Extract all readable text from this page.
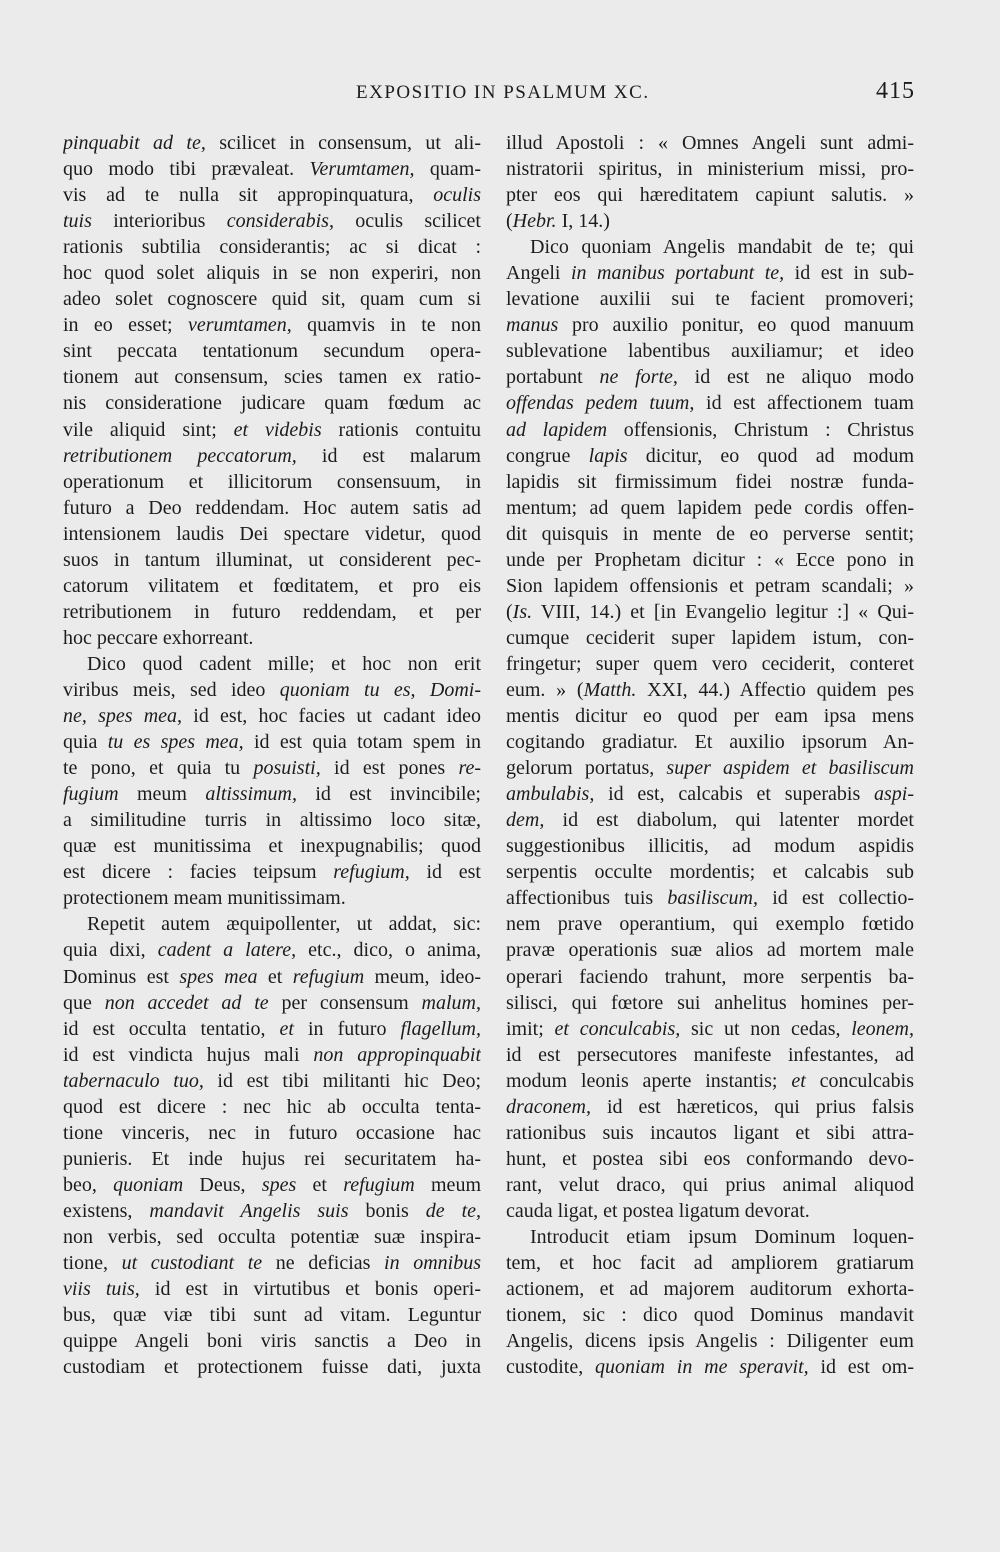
EXPOSITIO IN PSALMUM XC.	415
pinquabit ad te, scilicet in consensum, ut ali-
quo modo tibi prævaleat. Verumtamen, quam-
vis ad te nulla sit appropinquatura, oculis
tuis interioribus considerabis, oculis scilicet
rationis subtilia considerantis; ac si dicat :
hoc quod solet aliquis in se non experiri, non
adeo solet cognoscere quid sit, quam cum si
in eo esset; verumtamen, quamvis in te non
sint peccata tentationum secundum opera-
tionem aut consensum, scies tamen ex ratio-
nis consideratione judicare quam fœdum ac
vile aliquid sint; et videbis rationis contuitu
retributionem peccatorum, id est malarum
operationum et illicitorum consensuum, in
futuro a Deo reddendam. Hoc autem satis ad
intensionem laudis Dei spectare videtur, quod
suos in tantum illuminat, ut considerent pec-
catorum vilitatem et fœditatem, et pro eis
retributionem in futuro reddendam, et per
hoc peccare exhorreant.
Dico quod cadent mille; et hoc non erit
viribus meis, sed ideo quoniam tu es, Domi-
ne, spes mea, id est, hoc facies ut cadant ideo
quia tu es spes mea, id est quia totam spem in
te pono, et quia tu posuisti, id est pones re-
fugium meum altissimum, id est invincibile;
a similitudine turris in altissimo loco sitæ,
quæ est munitissima et inexpugnabilis; quod
est dicere : facies teipsum refugium, id est
protectionem meam munitissimam.
Repetit autem æquipollenter, ut addat, sic:
quia dixi, cadent a latere, etc., dico, o anima,
Dominus est spes mea et refugium meum, ideo-
que non accedet ad te per consensum malum,
id est occulta tentatio, et in futuro flagellum,
id est vindicta hujus mali non appropinquabit
tabernaculo tuo, id est tibi militanti hic Deo;
quod est dicere : nec hic ab occulta tenta-
tione vinceris, nec in futuro occasione hac
punieris. Et inde hujus rei securitatem ha-
beo, quoniam Deus, spes et refugium meum
existens, mandavit Angelis suis bonis de te,
non verbis, sed occulta potentiæ suæ inspira-
tione, ut custodiant te ne deficias in omnibus
viis tuis, id est in virtutibus et bonis operi-
bus, quæ viæ tibi sunt ad vitam. Leguntur
quippe Angeli boni viris sanctis a Deo in
custodiam et protectionem fuisse dati, juxta
illud Apostoli : « Omnes Angeli sunt admi-
nistratorii spiritus, in ministerium missi, pro-
pter eos qui hæreditatem capiunt salutis. »
(Hebr. I, 14.)
Dico quoniam Angelis mandabit de te; qui
Angeli in manibus portabunt te, id est in sub-
levatione auxilii sui te facient promoveri;
manus pro auxilio ponitur, eo quod manuum
sublevatione labentibus auxiliamur; et ideo
portabunt ne forte, id est ne aliquo modo
offendas pedem tuum, id est affectionem tuam
ad lapidem offensionis, Christum : Christus
congrue lapis dicitur, eo quod ad modum
lapidis sit firmissimum fidei nostræ funda-
mentum; ad quem lapidem pede cordis offen-
dit quisquis in mente de eo perverse sentit;
unde per Prophetam dicitur : « Ecce pono in
Sion lapidem offensionis et petram scandali; »
(Is. VIII, 14.) et [in Evangelio legitur :] « Qui-
cumque ceciderit super lapidem istum, con-
fringetur; super quem vero ceciderit, conteret
eum. » (Matth. XXI, 44.) Affectio quidem pes
mentis dicitur eo quod per eam ipsa mens
cogitando gradiatur. Et auxilio ipsorum An-
gelorum portatus, super aspidem et basiliscum
ambulabis, id est, calcabis et superabis aspi-
dem, id est diabolum, qui latenter mordet
suggestionibus illicitis, ad modum aspidis
serpentis occulte mordentis; et calcabis sub
affectionibus tuis basiliscum, id est collectio-
nem prave operantium, qui exemplo fœtido
pravæ operationis suæ alios ad mortem male
operari faciendo trahunt, more serpentis ba-
silisci, qui fœtore sui anhelitus homines per-
imit; et conculcabis, sic ut non cedas, leonem,
id est persecutores manifeste infestantes, ad
modum leonis aperte instantis; et conculcabis
draconem, id est hæreticos, qui prius falsis
rationibus suis incautos ligant et sibi attra-
hunt, et postea sibi eos conformando devo-
rant, velut draco, qui prius animal aliquod
cauda ligat, et postea ligatum devorat.
Introducit etiam ipsum Dominum loquen-
tem, et hoc facit ad ampliorem gratiarum
actionem, et ad majorem auditorum exhorta-
tionem, sic : dico quod Dominus mandavit
Angelis, dicens ipsis Angelis : Diligenter eum
custodite, quoniam in me speravit, id est om-
